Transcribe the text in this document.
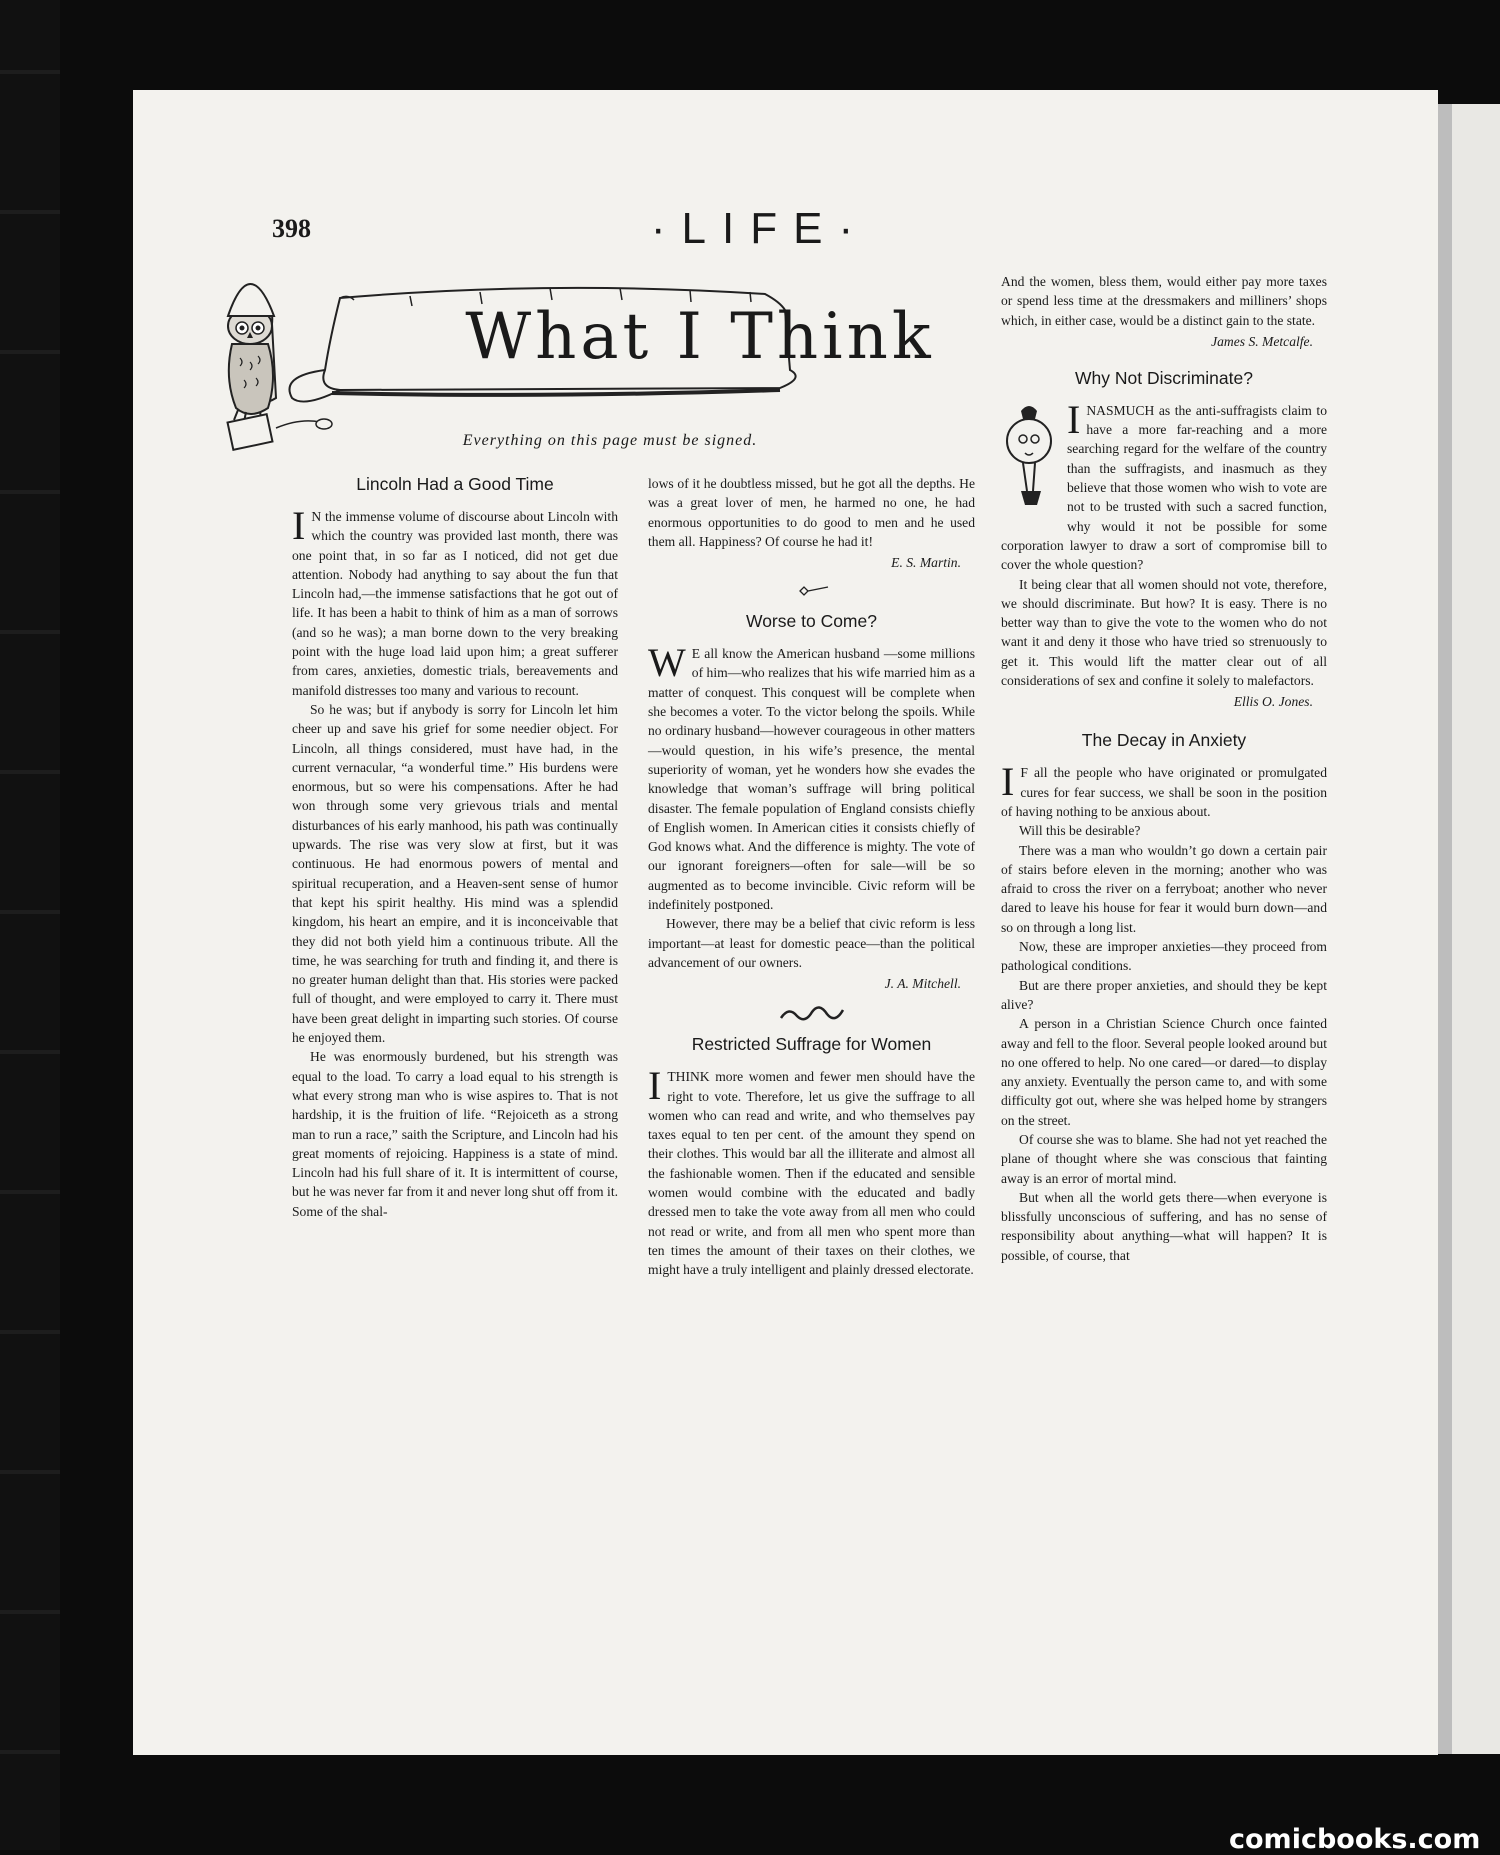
398	·LIFE·
What I Think
Everything on this page must be signed.
Lincoln Had a Good Time

I N the immense volume of discourse about Lincoln with which the country was provided last month, there was one point that, in so far as I noticed, did not get due attention. Nobody had anything to say about the fun that Lincoln had,—the immense satisfactions that he got out of life. It has been a habit to think of him as a man of sorrows (and so he was); a man borne down to the very breaking point with the huge load laid upon him; a great sufferer from cares, anxieties, domestic trials, bereavements and manifold distresses too many and various to recount.

So he was; but if anybody is sorry for Lincoln let him cheer up and save his grief for some needier object. For Lincoln, all things considered, must have had, in the current vernacular, “a wonderful time.” His burdens were enormous, but so were his compensations. After he had won through some very grievous trials and mental disturbances of his early manhood, his path was continually upwards. The rise was very slow at first, but it was continuous. He had enormous powers of mental and spiritual recuperation, and a Heaven-sent sense of humor that kept his spirit healthy. His mind was a splendid kingdom, his heart an empire, and it is inconceivable that they did not both yield him a continuous tribute. All the time, he was searching for truth and finding it, and there is no greater human delight than that. His stories were packed full of thought, and were employed to carry it. There must have been great delight in imparting such stories. Of course he enjoyed them.

He was enormously burdened, but his strength was equal to the load. To carry a load equal to his strength is what every strong man who is wise aspires to. That is not hardship, it is the fruition of life. “Rejoiceth as a strong man to run a race,” saith the Scripture, and Lincoln had his great moments of rejoicing. Happiness is a state of mind. Lincoln had his full share of it. It is intermittent of course, but he was never far from it and never long shut off from it. Some of the shal-

lows of it he doubtless missed, but he got all the depths. He was a great lover of men, he harmed no one, he had enormous opportunities to do good to men and he used them all. Happiness? Of course he had it!

E. S. Martin.
Worse to Come?

W E all know the American husband —some millions of him—who realizes that his wife married him as a matter of conquest. This conquest will be complete when she becomes a voter. To the victor belong the spoils. While no ordinary husband—however courageous in other matters—would question, in his wife’s presence, the mental superiority of woman, yet he wonders how she evades the knowledge that woman’s suffrage will bring political disaster. The female population of England consists chiefly of English women. In American cities it consists chiefly of God knows what. And the difference is mighty. The vote of our ignorant foreigners—often for sale—will be so augmented as to become invincible. Civic reform will be indefinitely postponed.

However, there may be a belief that civic reform is less important—at least for domestic peace—than the political advancement of our owners.

J. A. Mitchell.
Restricted Suffrage for Women

ITHINK more women and fewer men should have the right to vote. Therefore, let us give the suffrage to all women who can read and write, and who themselves pay taxes equal to ten per cent. of the amount they spend on their clothes. This would bar all the illiterate and almost all the fashionable women. Then if the educated and sensible women would combine with the educated and badly dressed men to take the vote away from all men who could not read or write, and from all men who spent more than ten times the amount of their taxes on their clothes, we might have a truly intelligent and plainly dressed electorate.

And the women, bless them, would either pay more taxes or spend less time at the dressmakers and milliners’ shops which, in either case, would be a distinct gain to the state.

James S. Metcalfe.
Why Not Discriminate?

INASMUCH as the anti-suffragists claim to have a more far-reaching and a more searching regard for the welfare of the country than the suffragists, and inasmuch as they believe that those women who wish to vote are not to be trusted with such a sacred function, why would it not be possible for some corporation lawyer to draw a sort of compromise bill to cover the whole question?

It being clear that all women should not vote, therefore, we should discriminate. But how? It is easy. There is no better way than to give the vote to the women who do not want it and deny it those who have tried so strenuously to get it. This would lift the matter clear out of all considerations of sex and confine it solely to malefactors.

Ellis O. Jones.
The Decay in Anxiety

I F all the people who have originated or promulgated cures for fear success, we shall be soon in the position of having nothing to be anxious about.

Will this be desirable?

There was a man who wouldn’t go down a certain pair of stairs before eleven in the morning; another who was afraid to cross the river on a ferryboat; another who never dared to leave his house for fear it would burn down—and so on through a long list.

Now, these are improper anxieties—they proceed from pathological conditions.

But are there proper anxieties, and should they be kept alive?

A person in a Christian Science Church once fainted away and fell to the floor. Several people looked around but no one offered to help. No one cared—or dared—to display any anxiety. Eventually the person came to, and with some difficulty got out, where she was helped home by strangers on the street.

Of course she was to blame. She had not yet reached the plane of thought where she was conscious that fainting away is an error of mortal mind.

But when all the world gets there—when everyone is blissfully unconscious of suffering, and has no sense of responsibility about anything—what will happen? It is possible, of course, that

comicbooks.com
